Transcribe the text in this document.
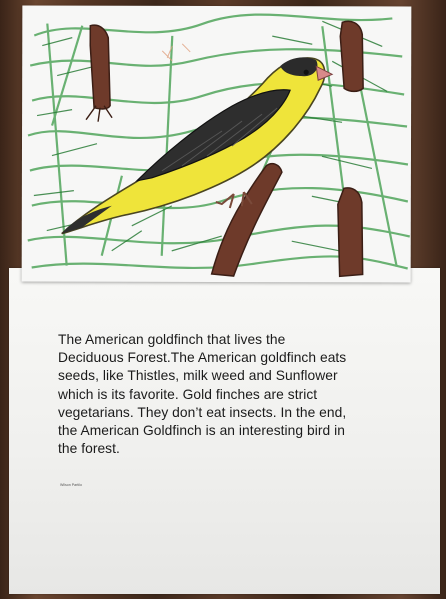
The American goldfinch that lives the
Deciduous Forest.The American goldfinch eats
seeds, like Thistles, milk weed and Sunflower
which is its favorite. Gold finches are strict
vegetarians. They don’t eat insects. In the end,
the American Goldfinch is an interesting bird in
the forest.
Wilson Partilo
